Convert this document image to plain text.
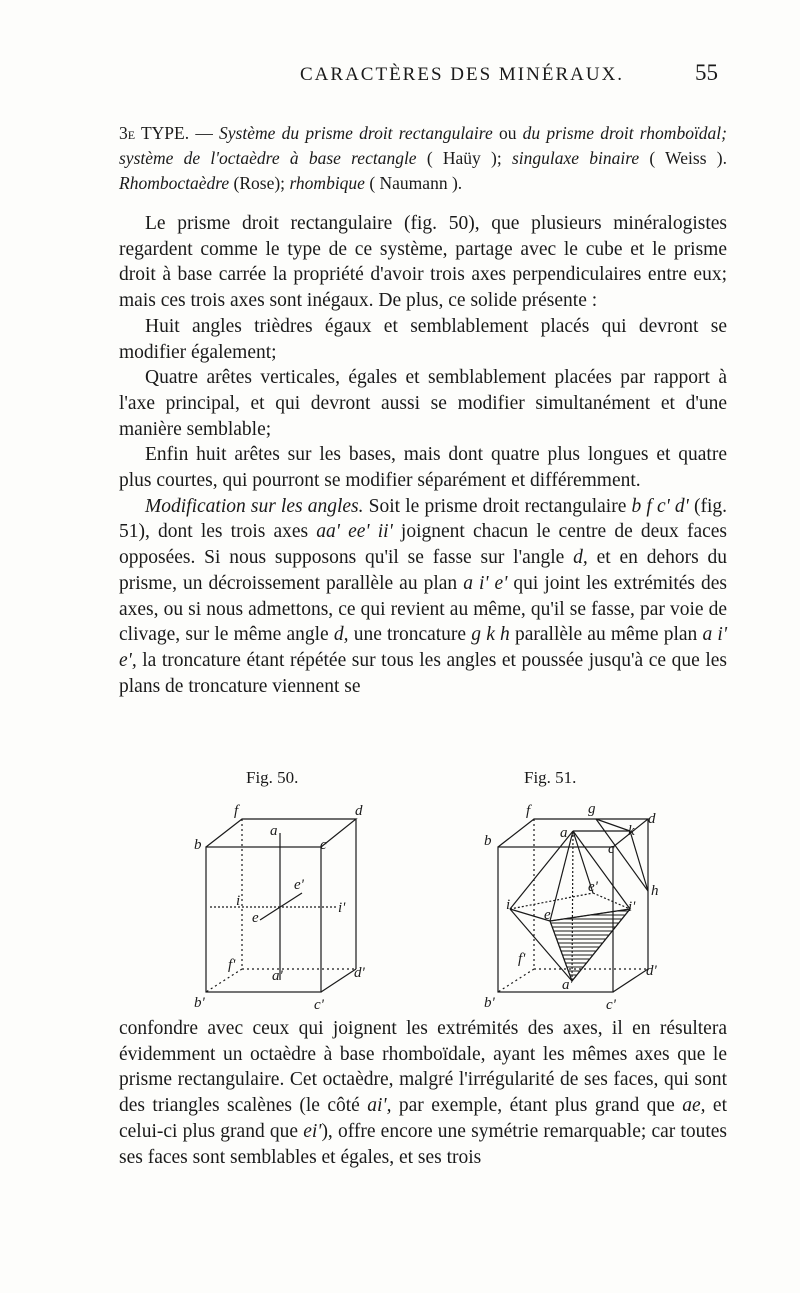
CARACTÈRES DES MINÉRAUX.	55
3e TYPE. — Système du prisme droit rectangulaire ou du prisme droit rhomboïdal; système de l'octaèdre à base rectangle ( Haüy ); singulaxe binaire ( Weiss ). Rhomboctaèdre (Rose); rhombique ( Naumann ).

Le prisme droit rectangulaire (fig. 50), que plusieurs minéralogistes regardent comme le type de ce système, partage avec le cube et le prisme droit à base carrée la propriété d'avoir trois axes perpendiculaires entre eux; mais ces trois axes sont inégaux. De plus, ce solide présente :

Huit angles trièdres égaux et semblablement placés qui devront se modifier également;

Quatre arêtes verticales, égales et semblablement placées par rapport à l'axe principal, et qui devront aussi se modifier simultanément et d'une manière semblable;

Enfin huit arêtes sur les bases, mais dont quatre plus longues et quatre plus courtes, qui pourront se modifier séparément et différemment.

Modification sur les angles. Soit le prisme droit rectangulaire b f c' d' (fig. 51), dont les trois axes aa' ee' ii' joignent chacun le centre de deux faces opposées. Si nous supposons qu'il se fasse sur l'angle d, et en dehors du prisme, un décroissement parallèle au plan a i' e' qui joint les extrémités des axes, ou si nous admettons, ce qui revient au même, qu'il se fasse, par voie de clivage, sur le même angle d, une troncature g k h parallèle au même plan a i' e', la troncature étant répétée sur tous les angles et poussée jusqu'à ce que les plans de troncature viennent se

Fig. 50.	Fig. 51.
f	d
b
a
c
e'
i	i'
e
f'
a'	d'
b'	c'
f	g
d
b	a	k
c
e'	h
i	i'
e
f'
a'
d'
b'	c'

confondre avec ceux qui joignent les extrémités des axes, il en résultera évidemment un octaèdre à base rhomboïdale, ayant les mêmes axes que le prisme rectangulaire. Cet octaèdre, malgré l'irrégularité de ses faces, qui sont des triangles scalènes (le côté ai', par exemple, étant plus grand que ae, et celui-ci plus grand que ei'), offre encore une symétrie remarquable; car toutes ses faces sont semblables et égales, et ses trois
